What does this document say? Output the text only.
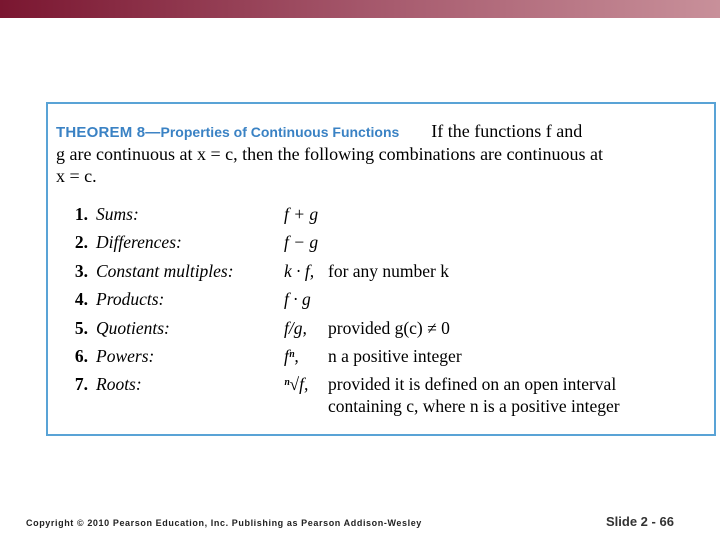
THEOREM 8—Properties of Continuous Functions If the functions f and
g are continuous at x = c, then the following combinations are continuous at
x = c.
1. Sums:	f + g
2. Differences:	f − g
3. Constant multiples:	k · f, for any number k
4. Products:	f · g
5. Quotients:	f/g, provided g(c) ≠ 0
6. Powers:	fⁿ, n a positive integer
7. Roots:	ⁿ√f, provided it is defined on an open interval
containing c, where n is a positive integer
Copyright © 2010 Pearson Education, Inc. Publishing as Pearson Addison-Wesley	Slide 2 - 66
